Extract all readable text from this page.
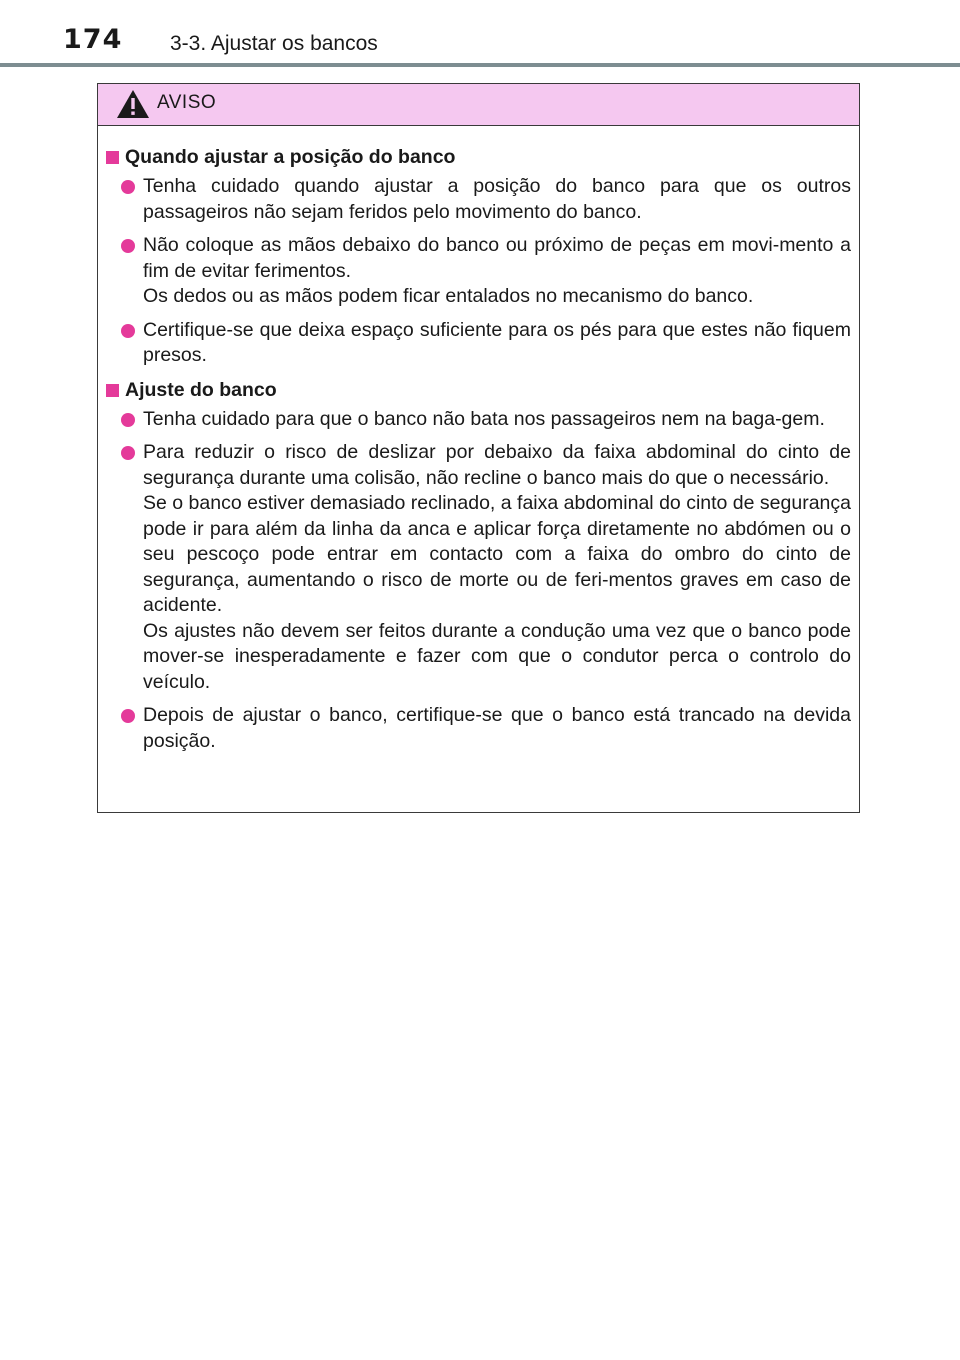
174 3-3. Ajustar os bancos
AVISO
Quando ajustar a posição do banco
Tenha cuidado quando ajustar a posição do banco para que os outros passageiros não sejam feridos pelo movimento do banco.
Não coloque as mãos debaixo do banco ou próximo de peças em movi-mento a fim de evitar ferimentos.
Os dedos ou as mãos podem ficar entalados no mecanismo do banco.
Certifique-se que deixa espaço suficiente para os pés para que estes não fiquem presos.
Ajuste do banco
Tenha cuidado para que o banco não bata nos passageiros nem na baga-gem.
Para reduzir o risco de deslizar por debaixo da faixa abdominal do cinto de segurança durante uma colisão, não recline o banco mais do que o necessário.
Se o banco estiver demasiado reclinado, a faixa abdominal do cinto de segurança pode ir para além da linha da anca e aplicar força diretamente no abdómen ou o seu pescoço pode entrar em contacto com a faixa do ombro do cinto de segurança, aumentando o risco de morte ou de feri-mentos graves em caso de acidente.
Os ajustes não devem ser feitos durante a condução uma vez que o banco pode mover-se inesperadamente e fazer com que o condutor perca o controlo do veículo.
Depois de ajustar o banco, certifique-se que o banco está trancado na devida posição.
